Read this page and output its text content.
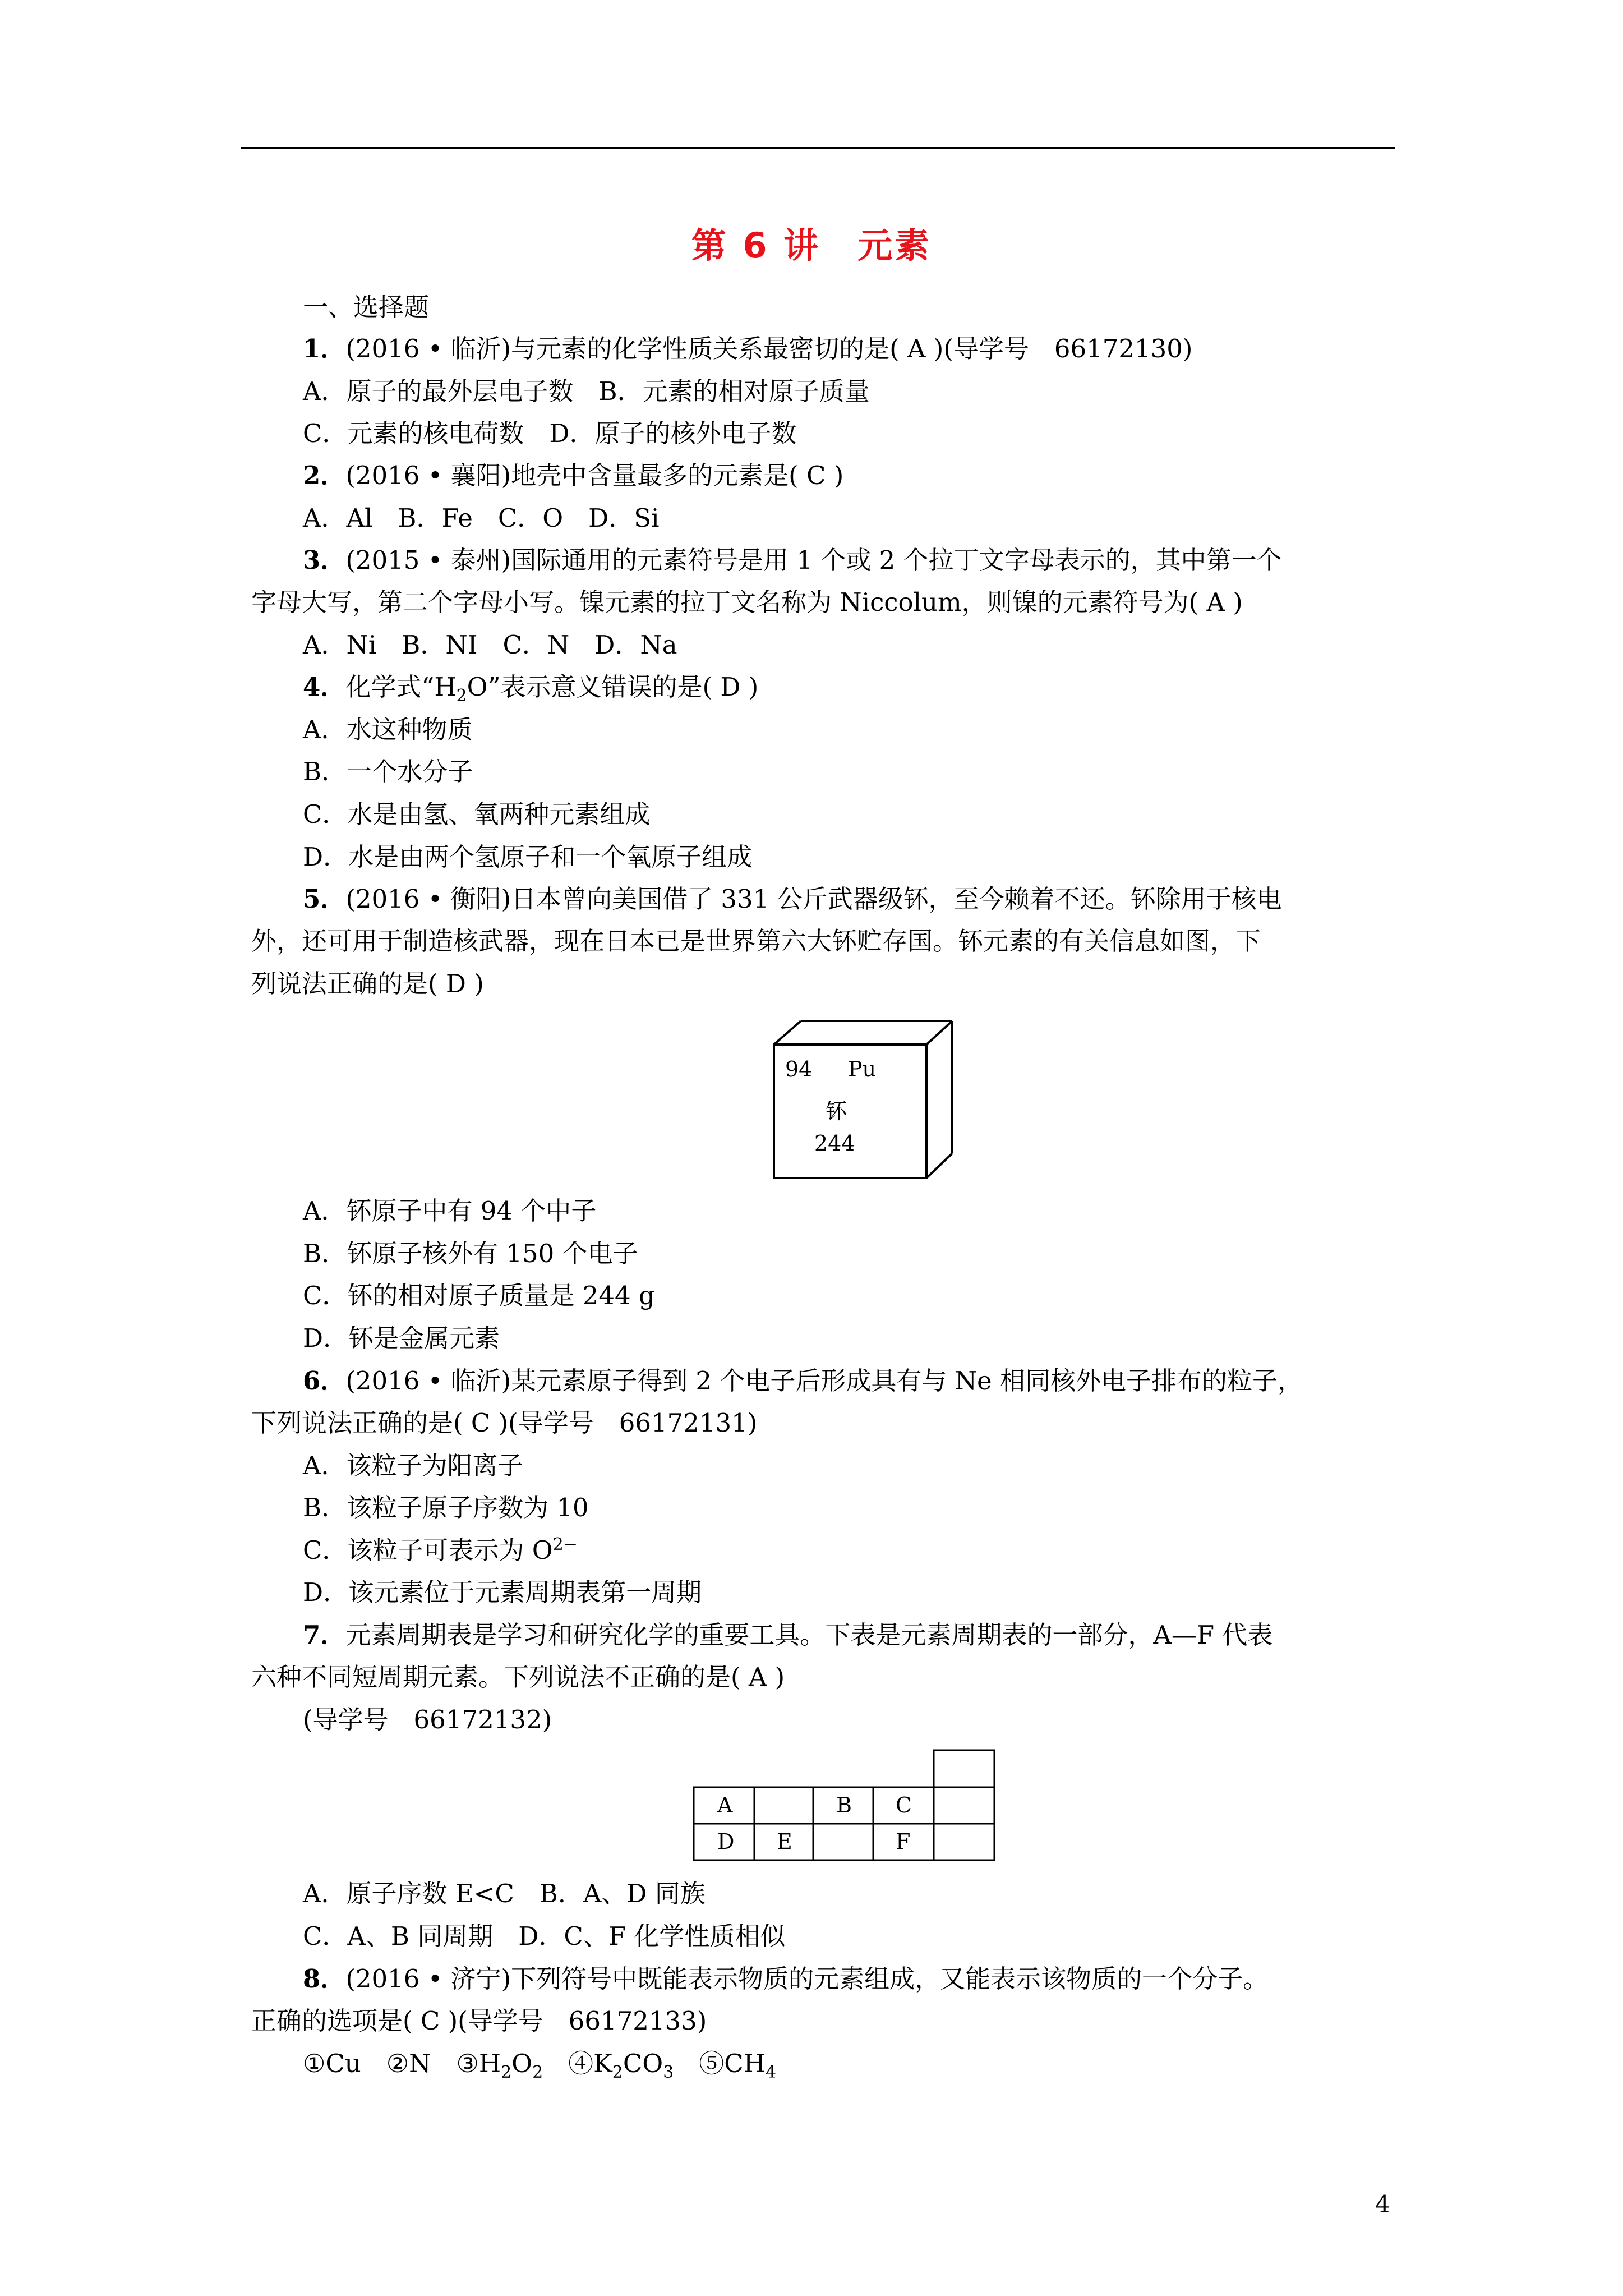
第 6 讲　元素
一、选择题
1．(2016 • 临沂)与元素的化学性质关系最密切的是( A )(导学号　66172130)
A．原子的最外层电子数　B．元素的相对原子质量
C．元素的核电荷数　D．原子的核外电子数
2．(2016 • 襄阳)地壳中含量最多的元素是( C )
A．Al　B．Fe　C．O　D．Si
3．(2015 • 泰州)国际通用的元素符号是用 1 个或 2 个拉丁文字母表示的，其中第一个
字母大写，第二个字母小写。镍元素的拉丁文名称为 Niccolum，则镍的元素符号为( A )
A．Ni　B．NI　C．N　D．Na
4．化学式“$H_2O$”表示意义错误的是( D )
A．水这种物质
B．一个水分子
C．水是由氢、氧两种元素组成
D．水是由两个氢原子和一个氧原子组成
5．(2016 • 衡阳)日本曾向美国借了 331 公斤武器级钚，至今赖着不还。钚除用于核电
外，还可用于制造核武器，现在日本已是世界第六大钚贮存国。钚元素的有关信息如图，下
列说法正确的是( D )
94 Pu
钚
244
A．钚原子中有 94 个中子
B．钚原子核外有 150 个电子
C．钚的相对原子质量是 244 g
D．钚是金属元素
6．(2016 • 临沂)某元素原子得到 2 个电子后形成具有与 Ne 相同核外电子排布的粒子，
下列说法正确的是( C )(导学号　66172131)
A．该粒子为阳离子
B．该粒子原子序数为 10
C．该粒子可表示为 $O^{2-}$
D．该元素位于元素周期表第一周期
7．元素周期表是学习和研究化学的重要工具。下表是元素周期表的一部分，A—F 代表
六种不同短周期元素。下列说法不正确的是( A )
(导学号　66172132)
A	B C
D E	F
A．原子序数 E<C　B．A、D 同族
C．A、B 同周期　D．C、F 化学性质相似
8．(2016 • 济宁)下列符号中既能表示物质的元素组成，又能表示该物质的一个分子。
正确的选项是( C )(导学号　66172133)
①Cu　②N　$③H_2O_2$　$④K_2CO_3$　$⑤CH_4$
4
